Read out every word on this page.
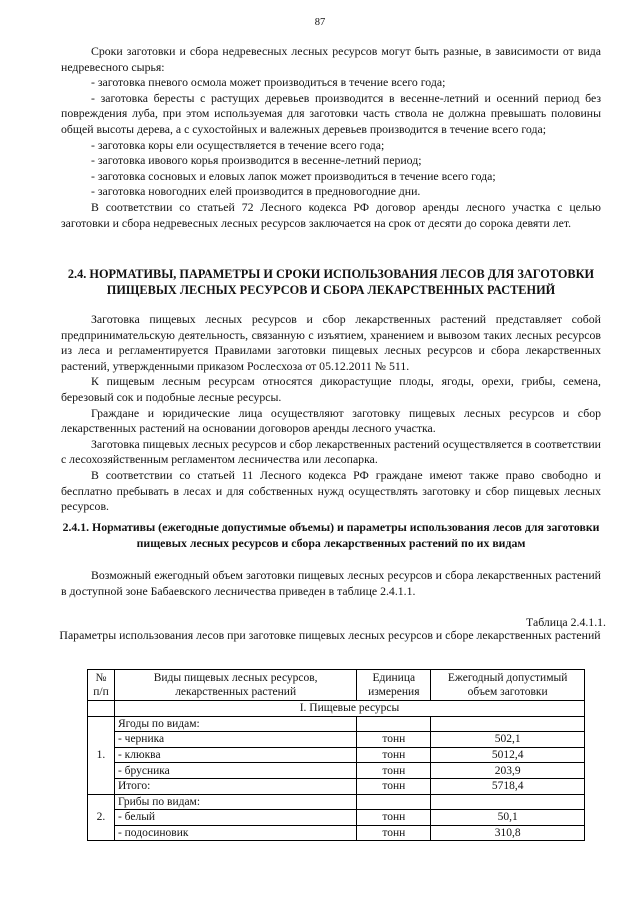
87

Сроки заготовки и сбора недревесных лесных ресурсов могут быть разные, в зависимости от вида недревесного сырья:

- заготовка пневого осмола может производиться в течение всего года;

- заготовка бересты с растущих деревьев производится в весенне-летний и осенний период без повреждения луба, при этом используемая для заготовки часть ствола не должна превышать половины общей высоты дерева, а с сухостойных и валежных деревьев производится в течение всего года;

- заготовка коры ели осуществляется в течение всего года;

- заготовка ивового корья производится в весенне-летний период;

- заготовка сосновых и еловых лапок может производиться в течение всего года;

- заготовка новогодних елей производится в предновогодние дни.

В соответствии со статьей 72 Лесного кодекса РФ договор аренды лесного участка с целью заготовки и сбора недревесных лесных ресурсов заключается на срок от десяти до сорока девяти лет.

2.4. НОРМАТИВЫ, ПАРАМЕТРЫ И СРОКИ ИСПОЛЬЗОВАНИЯ ЛЕСОВ ДЛЯ ЗАГОТОВКИ ПИЩЕВЫХ ЛЕСНЫХ РЕСУРСОВ И СБОРА ЛЕКАРСТВЕННЫХ РАСТЕНИЙ

Заготовка пищевых лесных ресурсов и сбор лекарственных растений представляет собой предпринимательскую деятельность, связанную с изъятием, хранением и вывозом таких лесных ресурсов из леса и регламентируется Правилами заготовки пищевых лесных ресурсов и сбора лекарственных растений, утвержденными приказом Рослесхоза от 05.12.2011 № 511.

К пищевым лесным ресурсам относятся дикорастущие плоды, ягоды, орехи, грибы, семена, березовый сок и подобные лесные ресурсы.

Граждане и юридические лица осуществляют заготовку пищевых лесных ресурсов и сбор лекарственных растений на основании договоров аренды лесного участка.

Заготовка пищевых лесных ресурсов и сбор лекарственных растений осуществляется в соответствии с лесохозяйственным регламентом лесничества или лесопарка.

В соответствии со статьей 11 Лесного кодекса РФ граждане имеют также право свободно и бесплатно пребывать в лесах и для собственных нужд осуществлять заготовку и сбор пищевых лесных ресурсов.

2.4.1. Нормативы (ежегодные допустимые объемы) и параметры использования лесов для заготовки пищевых лесных ресурсов и сбора лекарственных растений по их видам

Возможный ежегодный объем заготовки пищевых лесных ресурсов и сбора лекарственных растений в доступной зоне Бабаевского лесничества приведен в таблице 2.4.1.1.

Таблица 2.4.1.1.
Параметры использования лесов при заготовке пищевых лесных ресурсов и сборе лекарственных растений
№ п/п	Виды пищевых лесных ресурсов, лекарственных растений	Единица измерения	Ежегодный допустимый объем заготовки
	I. Пищевые ресурсы		
1.	Ягоды по видам:		
	- черника	тонн	502,1
	- клюква	тонн	5012,4
	- брусника	тонн	203,9
	Итого:	тонн	5718,4
2.	Грибы по видам:		
	- белый	тонн	50,1
	- подосиновик	тонн	310,8
